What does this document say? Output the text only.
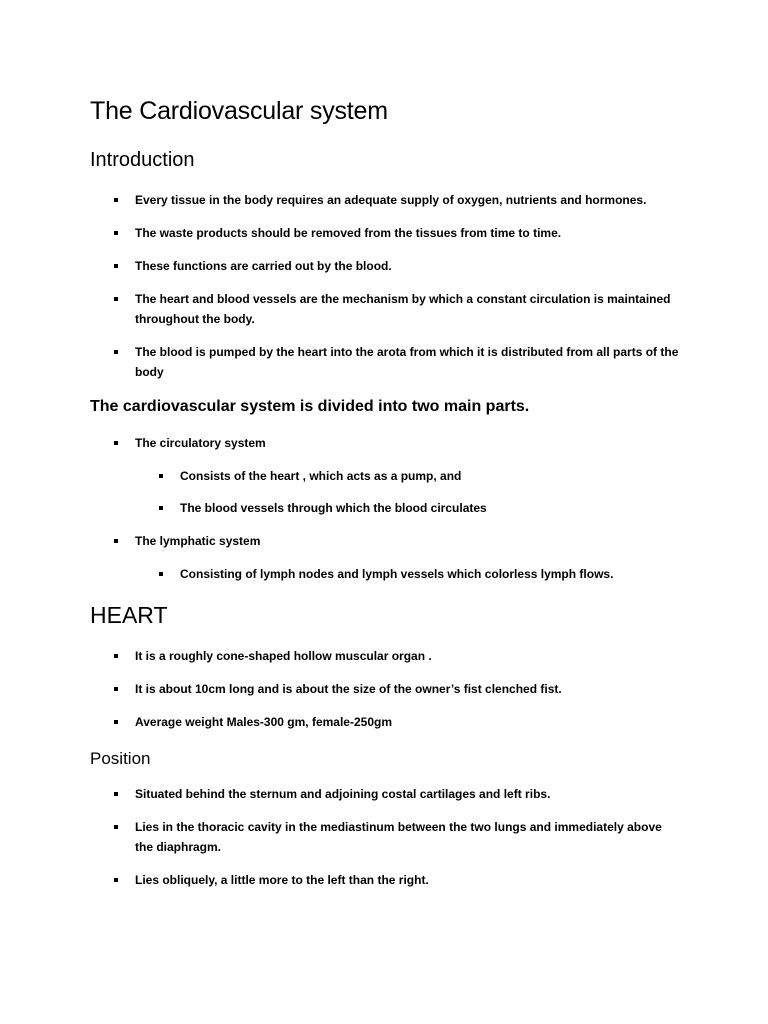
The Cardiovascular system
Introduction

Every tissue in the body requires an adequate supply of oxygen, nutrients and hormones.

The waste products should be removed from the tissues from time to time.

These functions are carried out by the blood.

The heart and blood vessels are the mechanism by which a constant circulation is maintained throughout the body.

The blood is pumped by the heart into the arota from which it is distributed from all parts of the body

The cardiovascular system is divided into two main parts.

The circulatory system

Consists of the heart , which acts as a pump, and

The blood vessels through which the blood circulates

The lymphatic system

Consisting of lymph nodes and lymph vessels which colorless lymph flows.

HEART

It is a roughly cone-shaped hollow muscular organ .

It is about 10cm long and is about the size of the owner’s fist clenched fist.

Average weight Males-300 gm, female-250gm

Position

Situated behind the sternum and adjoining costal cartilages and left ribs.

Lies in the thoracic cavity in the mediastinum between the two lungs and immediately above the diaphragm.

Lies obliquely, a little more to the left than the right.
